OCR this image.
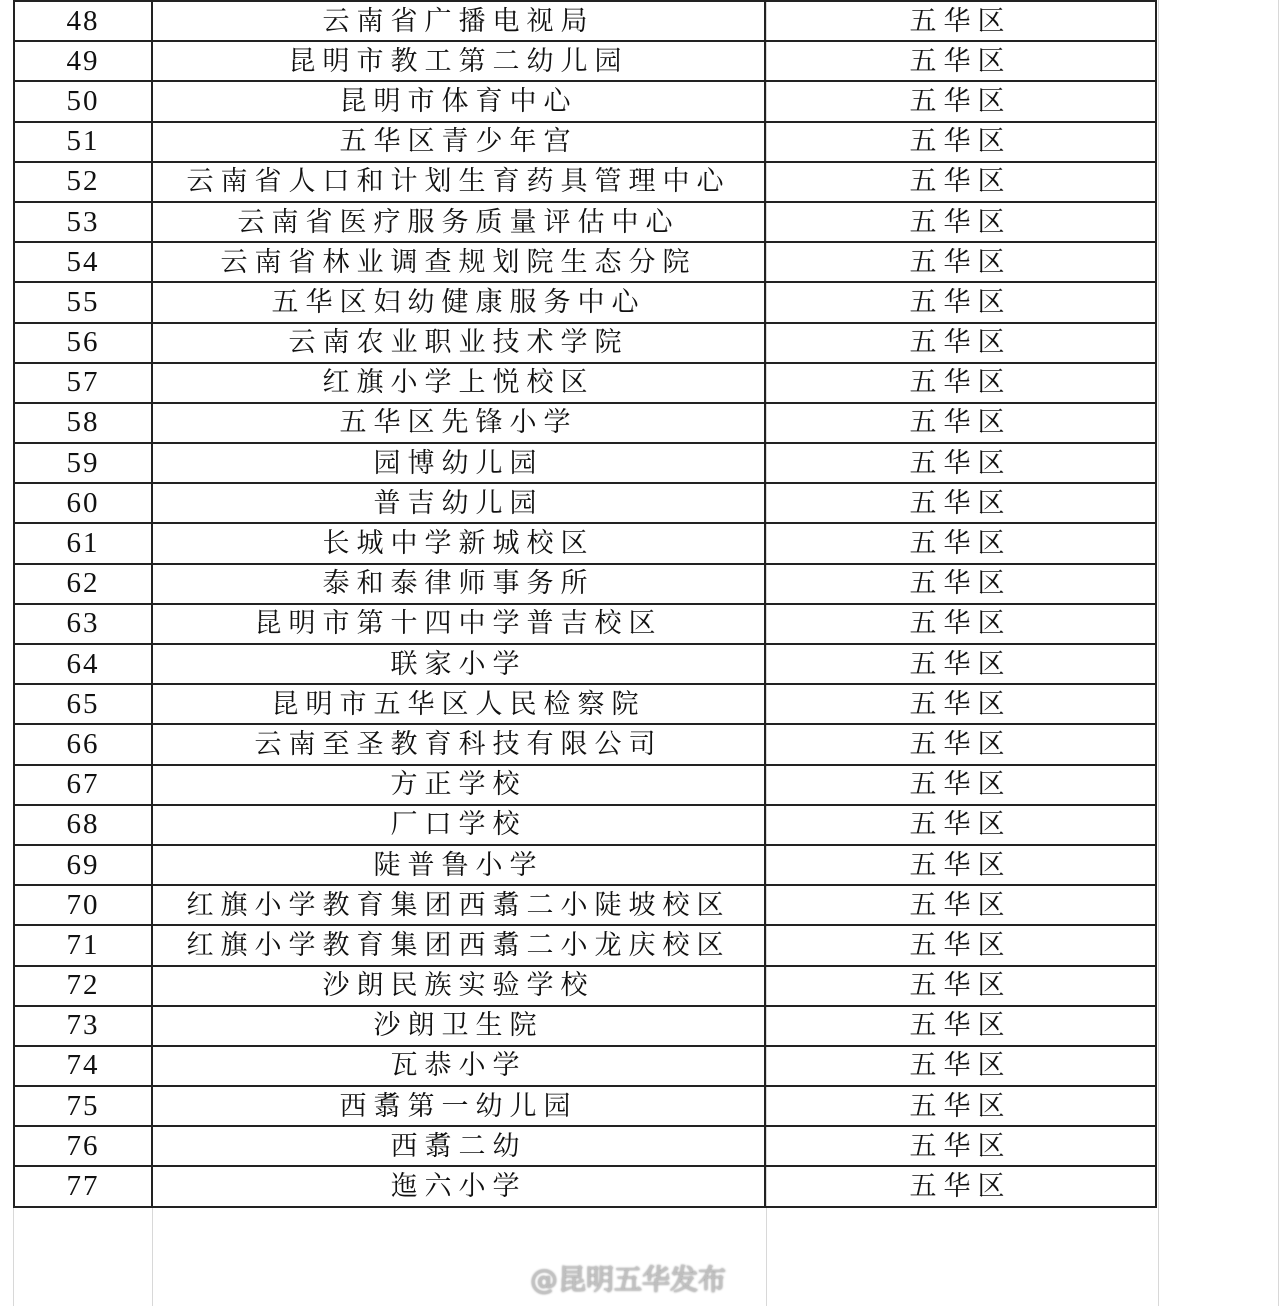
48	云南省广播电视局	五华区
49	昆明市教工第二幼儿园	五华区
50	昆明市体育中心	五华区
51	五华区青少年宫	五华区
52	云南省人口和计划生育药具管理中心	五华区
53	云南省医疗服务质量评估中心	五华区
54	云南省林业调查规划院生态分院	五华区
55	五华区妇幼健康服务中心	五华区
56	云南农业职业技术学院	五华区
57	红旗小学上悦校区	五华区
58	五华区先锋小学	五华区
59	园博幼儿园	五华区
60	普吉幼儿园	五华区
61	长城中学新城校区	五华区
62	泰和泰律师事务所	五华区
63	昆明市第十四中学普吉校区	五华区
64	联家小学	五华区
65	昆明市五华区人民检察院	五华区
66	云南至圣教育科技有限公司	五华区
67	方正学校	五华区
68	厂口学校	五华区
69	陡普鲁小学	五华区
70	红旗小学教育集团西翥二小陡坡校区	五华区
71	红旗小学教育集团西翥二小龙庆校区	五华区
72	沙朗民族实验学校	五华区
73	沙朗卫生院	五华区
74	瓦恭小学	五华区
75	西翥第一幼儿园	五华区
76	西翥二幼	五华区
77	迤六小学	五华区
@昆明五华发布
